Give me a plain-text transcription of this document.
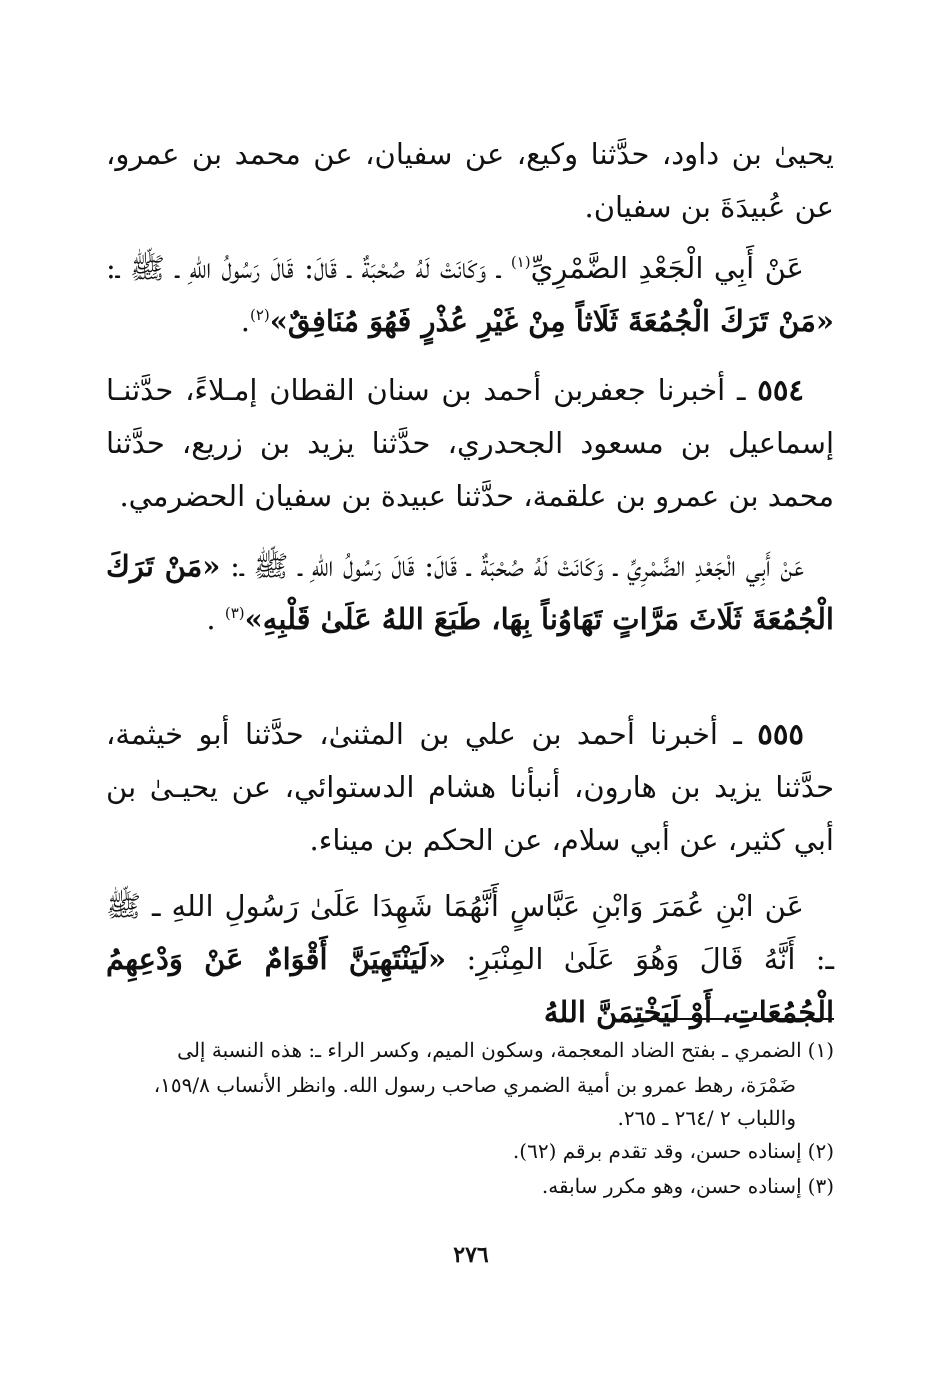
يحيىٰ بن داود، حدَّثنا وكيع، عن سفيان، عن محمد بن عمرو، عن عُبيدَةَ بن سفيان.

عَنْ أَبِي الْجَعْدِ الضَّمْرِيِّ$^{(١)}$ ـ وَكَانَتْ لَهُ صُحْبَةٌ ـ قَالَ: قَالَ رَسُولُ اللهِ ـ ﷺ ـ: «مَنْ تَرَكَ الْجُمُعَةَ ثَلَاثاً مِنْ غَيْرِ عُذْرٍ فَهُوَ مُنَافِقٌ»$^{(٢)}$.

٥٥٤ ـ أخبرنا جعفربن أحمد بن سنان القطان إمـلاءً، حدَّثنـا إسماعيل بن مسعود الجحدري، حدَّثنا يزيد بن زريع، حدَّثنا محمد بن عمرو بن علقمة، حدَّثنا عبيدة بن سفيان الحضرمي.

عَنْ أَبِي الْجَعْدِ الضَّمْرِيِّ ـ وَكَانَتْ لَهُ صُحْبَةٌ ـ قَالَ: قَالَ رَسُولُ اللهِ ـ ﷺ ـ: «مَنْ تَرَكَ الْجُمُعَةَ ثَلَاثَ مَرَّاتٍ تَهَاوُناً بِهَا، طَبَعَ اللهُ عَلَىٰ قَلْبِهِ»$^{(٣)}$ .

٥٥٥ ـ أخبرنا أحمد بن علي بن المثنىٰ، حدَّثنا أبو خيثمة، حدَّثنا يزيد بن هارون، أنبأنا هشام الدستوائي، عن يحيـىٰ بن أبي كثير، عن أبي سلام، عن الحكم بن ميناء.

عَن ابْنِ عُمَرَ وَابْنِ عَبَّاسٍ أَنَّهُمَا شَهِدَا عَلَىٰ رَسُولِ اللهِ ـ ﷺ ـ: أَنَّهُ قَالَ وَهُوَ عَلَىٰ المِنْبَرِ: «لَيَنْتَهِيَنَّ أَقْوَامٌ عَنْ وَدْعِهِمُ الْجُمُعَاتِ، أَوْ لَيَخْتِمَنَّ اللهُ

(١)الضمري ـ بفتح الضاد المعجمة، وسكون الميم، وكسر الراء ـ: هذه النسبة إلى

ضَمْرَة، رهط عمرو بن أمية الضمري صاحب رسول الله. وانظر الأنساب ١٥٩/٨،

واللباب ٢ /٢٦٤ ـ ٢٦٥.

(٢)إسناده حسن، وقد تقدم برقم (٦٢).

(٣)إسناده حسن، وهو مكرر سابقه.

٢٧٦
